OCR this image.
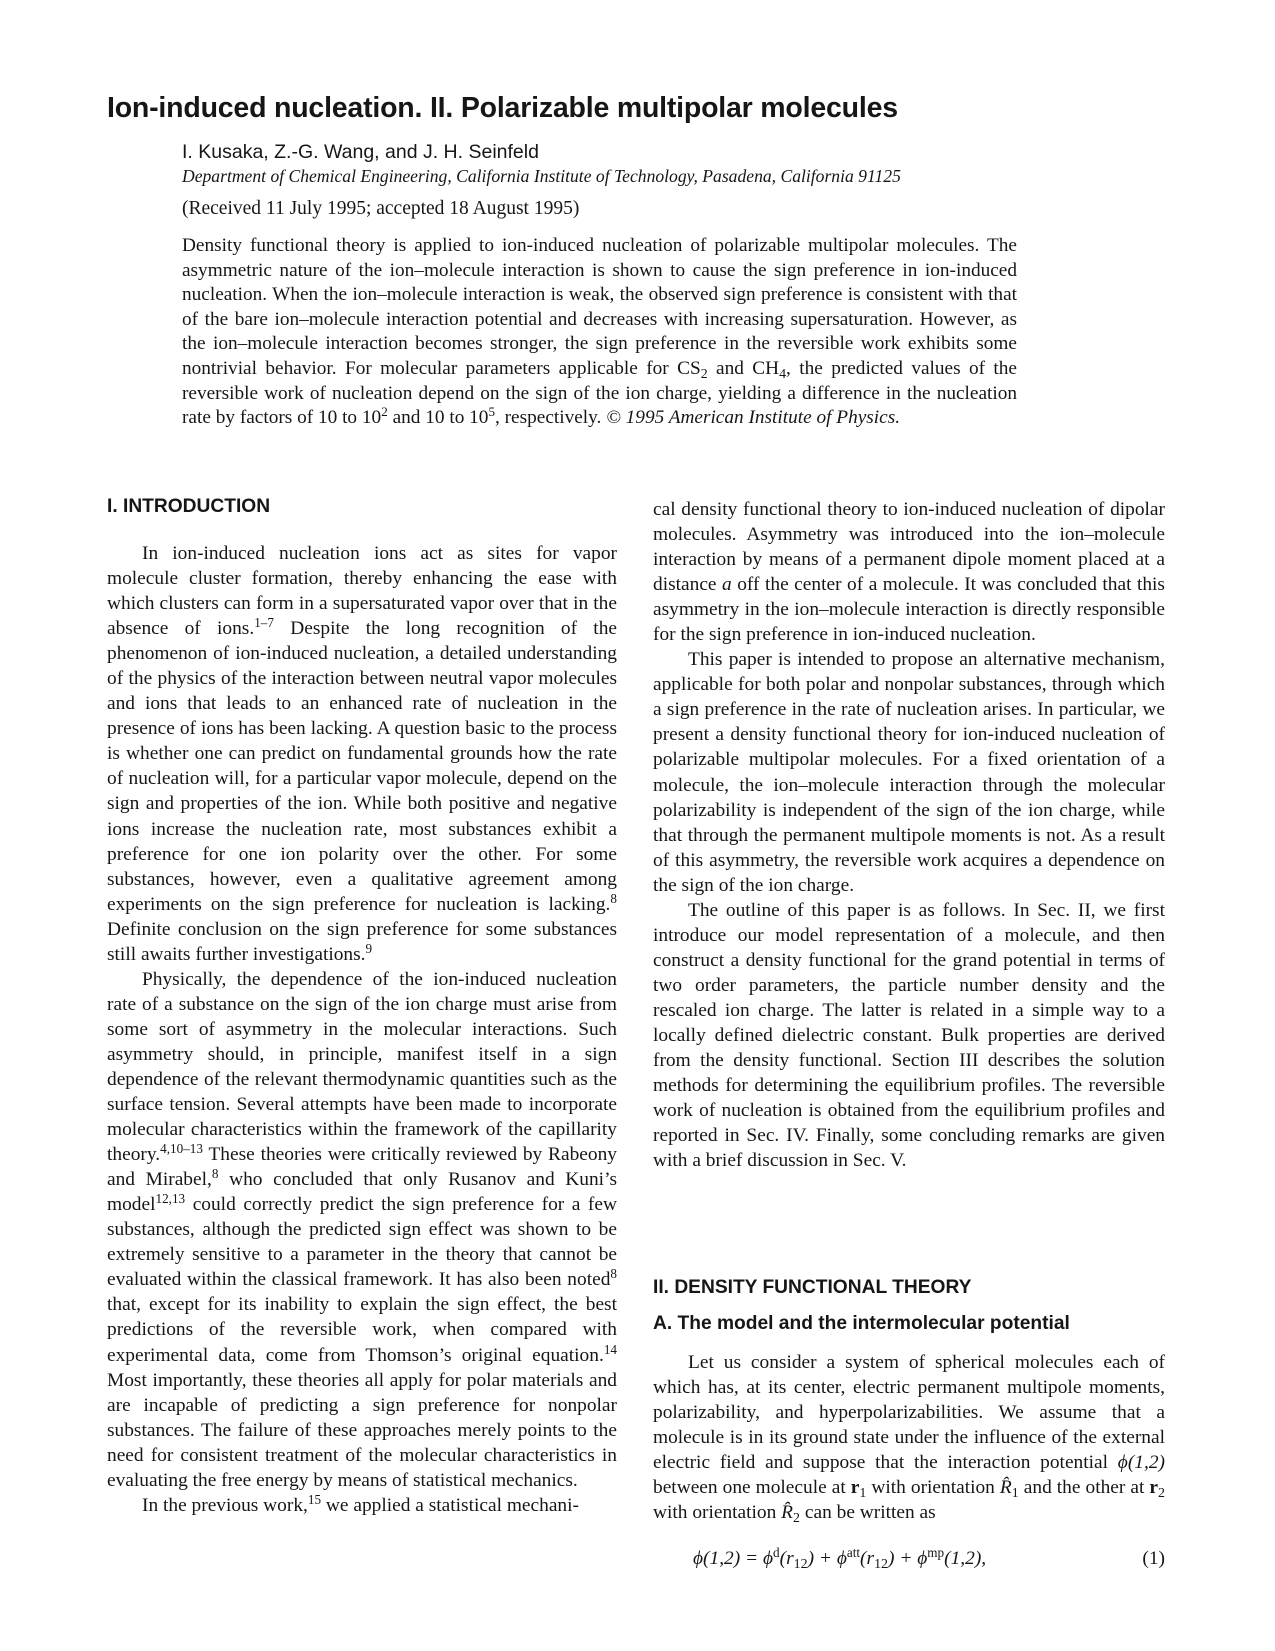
Ion-induced nucleation. II. Polarizable multipolar molecules
I. Kusaka, Z.-G. Wang, and J. H. Seinfeld
Department of Chemical Engineering, California Institute of Technology, Pasadena, California 91125
(Received 11 July 1995; accepted 18 August 1995)

Density functional theory is applied to ion-induced nucleation of polarizable multipolar molecules. The asymmetric nature of the ion–molecule interaction is shown to cause the sign preference in ion-induced nucleation. When the ion–molecule interaction is weak, the observed sign preference is consistent with that of the bare ion–molecule interaction potential and decreases with increasing supersaturation. However, as the ion–molecule interaction becomes stronger, the sign preference in the reversible work exhibits some nontrivial behavior. For molecular parameters applicable for $CS_2$ and $CH_4$, the predicted values of the reversible work of nucleation depend on the sign of the ion charge, yielding a difference in the nucleation rate by factors of 10 to $10^2$ and 10 to $10^5$, respectively. © 1995 American Institute of Physics.

I. INTRODUCTION

In ion-induced nucleation ions act as sites for vapor molecule cluster formation, thereby enhancing the ease with which clusters can form in a supersaturated vapor over that in the absence of ions.$^{1-7}$ Despite the long recognition of the phenomenon of ion-induced nucleation, a detailed understanding of the physics of the interaction between neutral vapor molecules and ions that leads to an enhanced rate of nucleation in the presence of ions has been lacking. A question basic to the process is whether one can predict on fundamental grounds how the rate of nucleation will, for a particular vapor molecule, depend on the sign and properties of the ion. While both positive and negative ions increase the nucleation rate, most substances exhibit a preference for one ion polarity over the other. For some substances, however, even a qualitative agreement among experiments on the sign preference for nucleation is lacking.$^8$ Definite conclusion on the sign preference for some substances still awaits further investigations.$^9$

Physically, the dependence of the ion-induced nucleation rate of a substance on the sign of the ion charge must arise from some sort of asymmetry in the molecular interactions. Such asymmetry should, in principle, manifest itself in a sign dependence of the relevant thermodynamic quantities such as the surface tension. Several attempts have been made to incorporate molecular characteristics within the framework of the capillarity theory.$^{4,10-13}$ These theories were critically reviewed by Rabeony and Mirabel,$^8$ who concluded that only Rusanov and Kuni’s model$^{12,13}$ could correctly predict the sign preference for a few substances, although the predicted sign effect was shown to be extremely sensitive to a parameter in the theory that cannot be evaluated within the classical framework. It has also been noted$^8$ that, except for its inability to explain the sign effect, the best predictions of the reversible work, when compared with experimental data, come from Thomson’s original equation.$^{14}$ Most importantly, these theories all apply for polar materials and are incapable of predicting a sign preference for nonpolar substances. The failure of these approaches merely points to the need for consistent treatment of the molecular characteristics in evaluating the free energy by means of statistical mechanics.

In the previous work,$^{15}$ we applied a statistical mechani-

cal density functional theory to ion-induced nucleation of dipolar molecules. Asymmetry was introduced into the ion–molecule interaction by means of a permanent dipole moment placed at a distance a off the center of a molecule. It was concluded that this asymmetry in the ion–molecule interaction is directly responsible for the sign preference in ion-induced nucleation.

This paper is intended to propose an alternative mechanism, applicable for both polar and nonpolar substances, through which a sign preference in the rate of nucleation arises. In particular, we present a density functional theory for ion-induced nucleation of polarizable multipolar molecules. For a fixed orientation of a molecule, the ion–molecule interaction through the molecular polarizability is independent of the sign of the ion charge, while that through the permanent multipole moments is not. As a result of this asymmetry, the reversible work acquires a dependence on the sign of the ion charge.

The outline of this paper is as follows. In Sec. II, we first introduce our model representation of a molecule, and then construct a density functional for the grand potential in terms of two order parameters, the particle number density and the rescaled ion charge. The latter is related in a simple way to a locally defined dielectric constant. Bulk properties are derived from the density functional. Section III describes the solution methods for determining the equilibrium profiles. The reversible work of nucleation is obtained from the equilibrium profiles and reported in Sec. IV. Finally, some concluding remarks are given with a brief discussion in Sec. V.

II. DENSITY FUNCTIONAL THEORY
A. The model and the intermolecular potential

Let us consider a system of spherical molecules each of which has, at its center, electric permanent multipole moments, polarizability, and hyperpolarizabilities. We assume that a molecule is in its ground state under the influence of the external electric field and suppose that the interaction potential ϕ(1,2) between one molecule at $r_1$ with orientation $R̂_1$ and the other at $r_2$ with orientation $R̂_2$ can be written as

$\phi(1,2) = \phi^d(r_{12}) + \phi^{att}(r_{12}) + \phi^{mp}(1,2)$,	(1)
